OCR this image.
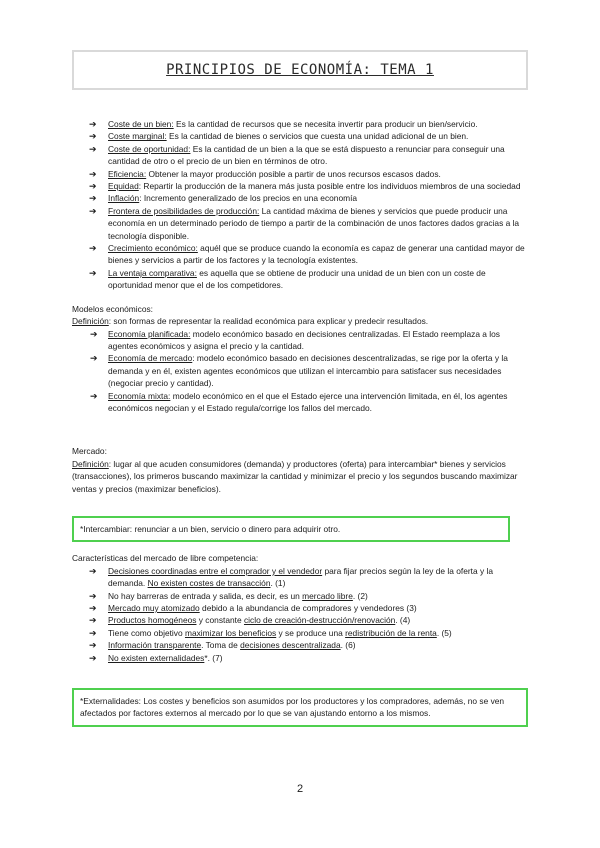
PRINCIPIOS DE ECONOMÍA: TEMA 1
➔ Coste de un bien: Es la cantidad de recursos que se necesita invertir para producir un bien/servicio.
➔ Coste marginal: Es la cantidad de bienes o servicios que cuesta una unidad adicional de un bien.
➔ Coste de oportunidad: Es la cantidad de un bien a la que se está dispuesto a renunciar para conseguir una cantidad de otro o el precio de un bien en términos de otro.
➔ Eficiencia: Obtener la mayor producción posible a partir de unos recursos escasos dados.
➔ Equidad: Repartir la producción de la manera más justa posible entre los individuos miembros de una sociedad
➔ Inflación: Incremento generalizado de los precios en una economía
➔ Frontera de posibilidades de producción: La cantidad máxima de bienes y servicios que puede producir una economía en un determinado periodo de tiempo a partir de la combinación de unos factores dados gracias a la tecnología disponible.
➔ Crecimiento económico: aquél que se produce cuando la economía es capaz de generar una cantidad mayor de bienes y servicios a partir de los factores y la tecnología existentes.
➔ La ventaja comparativa: es aquella que se obtiene de producir una unidad de un bien con un coste de oportunidad menor que el de los competidores.

Modelos económicos:

Definición: son formas de representar la realidad económica para explicar y predecir resultados.

➔ Economía planificada: modelo económico basado en decisiones centralizadas. El Estado reemplaza a los agentes económicos y asigna el precio y la cantidad.
➔ Economía de mercado: modelo económico basado en decisiones descentralizadas, se rige por la oferta y la demanda y en él, existen agentes económicos que utilizan el intercambio para satisfacer sus necesidades (negociar precio y cantidad).
➔ Economía mixta: modelo económico en el que el Estado ejerce una intervención limitada, en él, los agentes económicos negocian y el Estado regula/corrige los fallos del mercado.

Mercado:

Definición: lugar al que acuden consumidores (demanda) y productores (oferta) para intercambiar* bienes y servicios (transacciones), los primeros buscando maximizar la cantidad y minimizar el precio y los segundos buscando maximizar ventas y precios (maximizar beneficios).

*Intercambiar: renunciar a un bien, servicio o dinero para adquirir otro.

Características del mercado de libre competencia:

➔ Decisiones coordinadas entre el comprador y el vendedor para fijar precios según la ley de la oferta y la demanda. No existen costes de transacción. (1)
➔ No hay barreras de entrada y salida, es decir, es un mercado libre. (2)
➔ Mercado muy atomizado debido a la abundancia de compradores y vendedores (3)
➔ Productos homogéneos y constante ciclo de creación-destrucción/renovación. (4)
➔ Tiene como objetivo maximizar los beneficios y se produce una redistribución de la renta. (5)
➔ Información transparente. Toma de decisiones descentralizada. (6)
➔ No existen externalidades*. (7)
*Externalidades: Los costes y beneficios son asumidos por los productores y los compradores, además, no se ven afectados por factores externos al mercado por lo que se van ajustando entorno a los mismos.
2
